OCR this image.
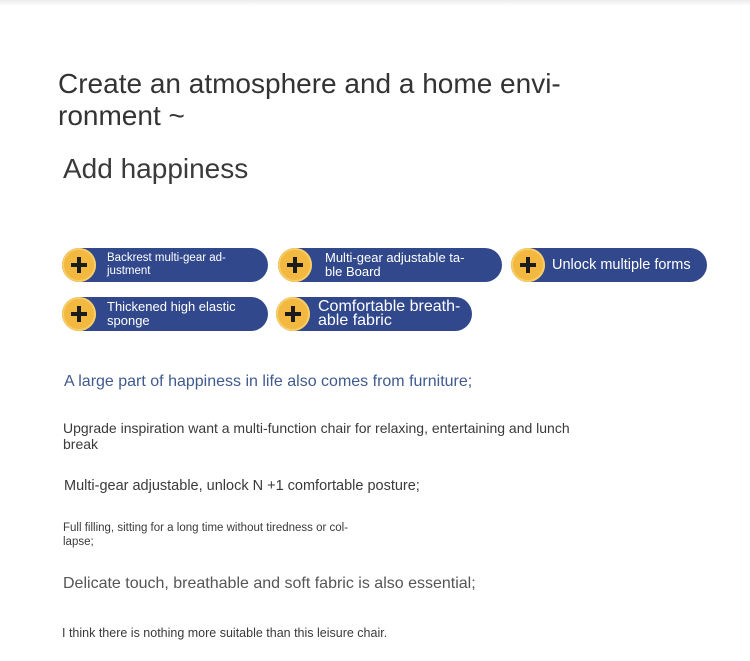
Create an atmosphere and a home envi-
ronment ~
Add happiness
Backrest multi-gear ad-
justment
Multi-gear adjustable ta-
ble Board	Unlock multiple forms
Thickened high elastic
sponge
Comfortable breath-
able fabric

A large part of happiness in life also comes from furniture;

Upgrade inspiration want a multi-function chair for relaxing, entertaining and lunch break

Multi-gear adjustable, unlock N +1 comfortable posture;

Full filling, sitting for a long time without tiredness or col-
lapse;

Delicate touch, breathable and soft fabric is also essential;

I think there is nothing more suitable than this leisure chair.
